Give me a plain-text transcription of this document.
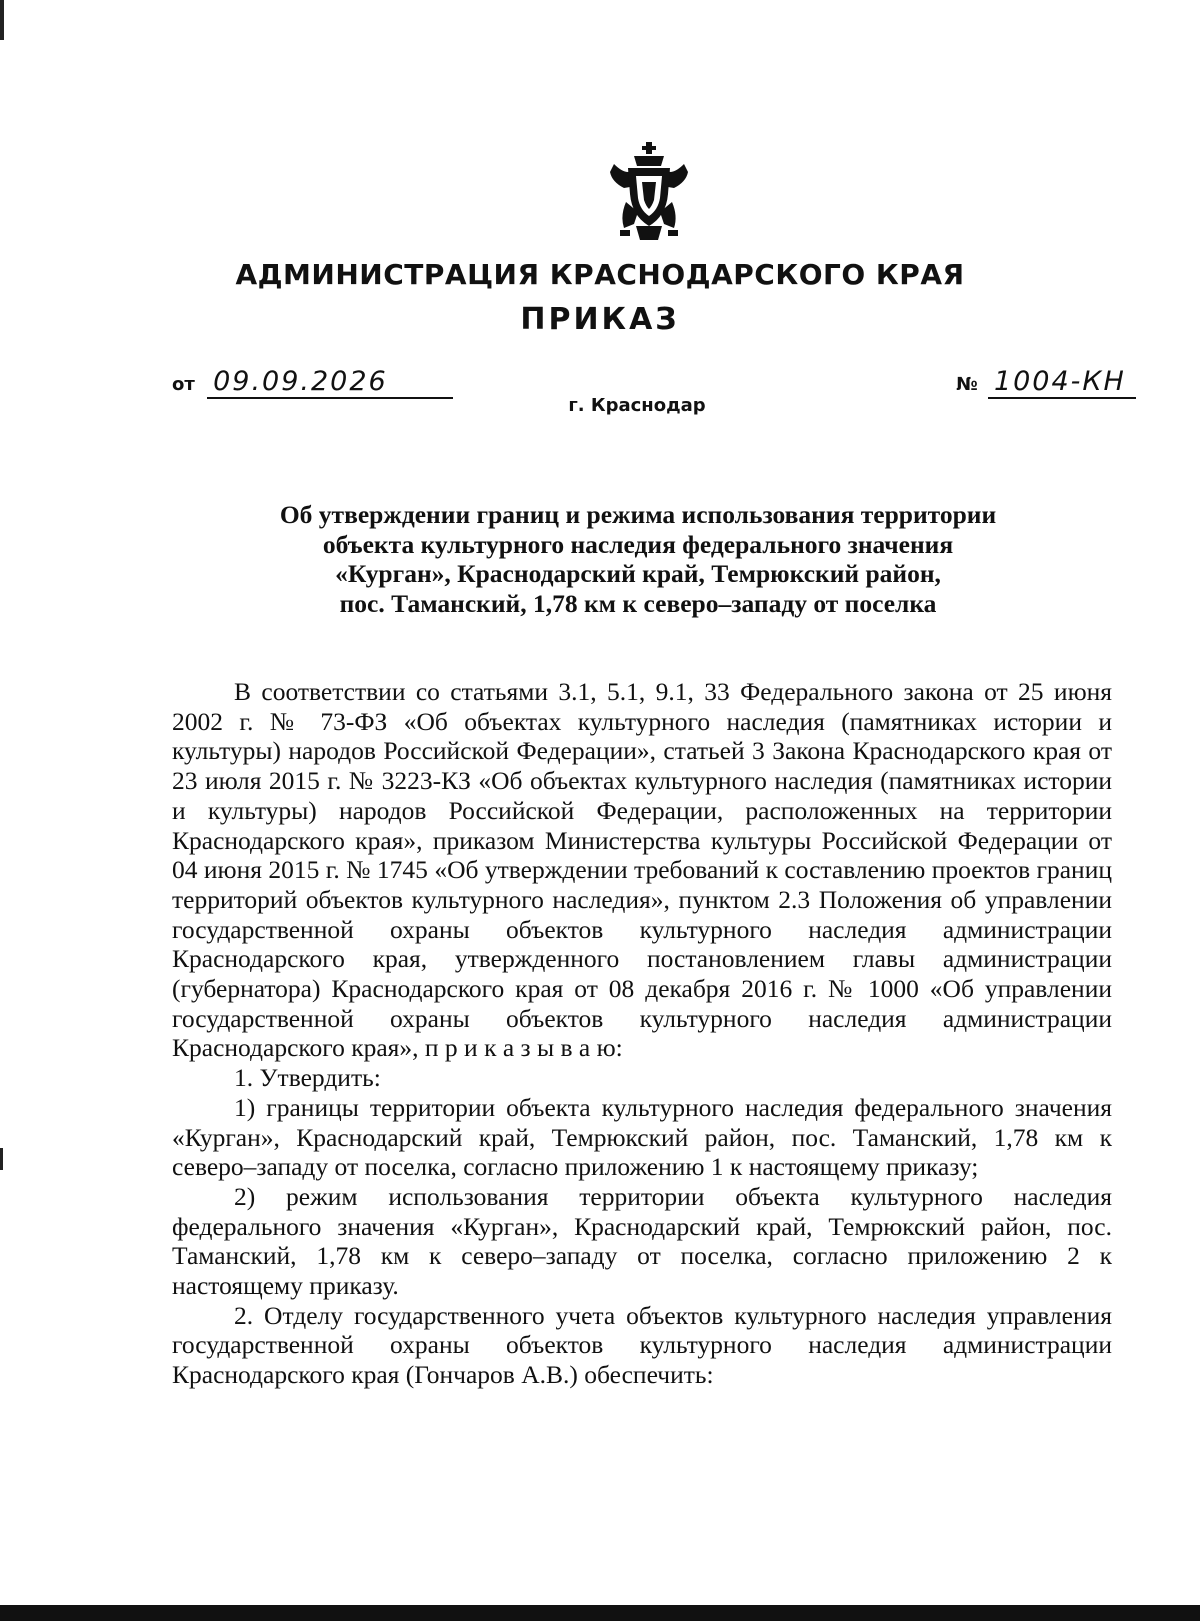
АДМИНИСТРАЦИЯ КРАСНОДАРСКОГО КРАЯ
ПРИКАЗ
от 09.09.2026	№ 1004-КН
г. Краснодар
Об утверждении границ и режима использования территории
объекта культурного наследия федерального значения
«Курган», Краснодарский край, Темрюкский район,
пос. Таманский, 1,78 км к северо–западу от поселка

В соответствии со статьями 3.1, 5.1, 9.1, 33 Федерального закона от 25 июня 2002 г. № 73-ФЗ «Об объектах культурного наследия (памятниках истории и культуры) народов Российской Федерации», статьей 3 Закона Краснодарского края от 23 июля 2015 г. № 3223-КЗ «Об объектах культурного наследия (памятниках истории и культуры) народов Российской Федерации, расположенных на территории Краснодарского края», приказом Министерства культуры Российской Федерации от 04 июня 2015 г. № 1745 «Об утверждении требований к составлению проектов границ территорий объектов культурного наследия», пунктом 2.3 Положения об управлении государственной охраны объектов культурного наследия администрации Краснодарского края, утвержденного постановлением главы администрации (губернатора) Краснодарского края от 08 декабря 2016 г. № 1000 «Об управлении государственной охраны объектов культурного наследия администрации Краснодарского края», п р и к а з ы в а ю:

1. Утвердить:

1) границы территории объекта культурного наследия федерального значения «Курган», Краснодарский край, Темрюкский район, пос. Таманский, 1,78 км к северо–западу от поселка, согласно приложению 1 к настоящему приказу;

2) режим использования территории объекта культурного наследия федерального значения «Курган», Краснодарский край, Темрюкский район, пос. Таманский, 1,78 км к северо–западу от поселка, согласно приложению 2 к настоящему приказу.

2. Отделу государственного учета объектов культурного наследия управления государственной охраны объектов культурного наследия администрации Краснодарского края (Гончаров А.В.) обеспечить:
